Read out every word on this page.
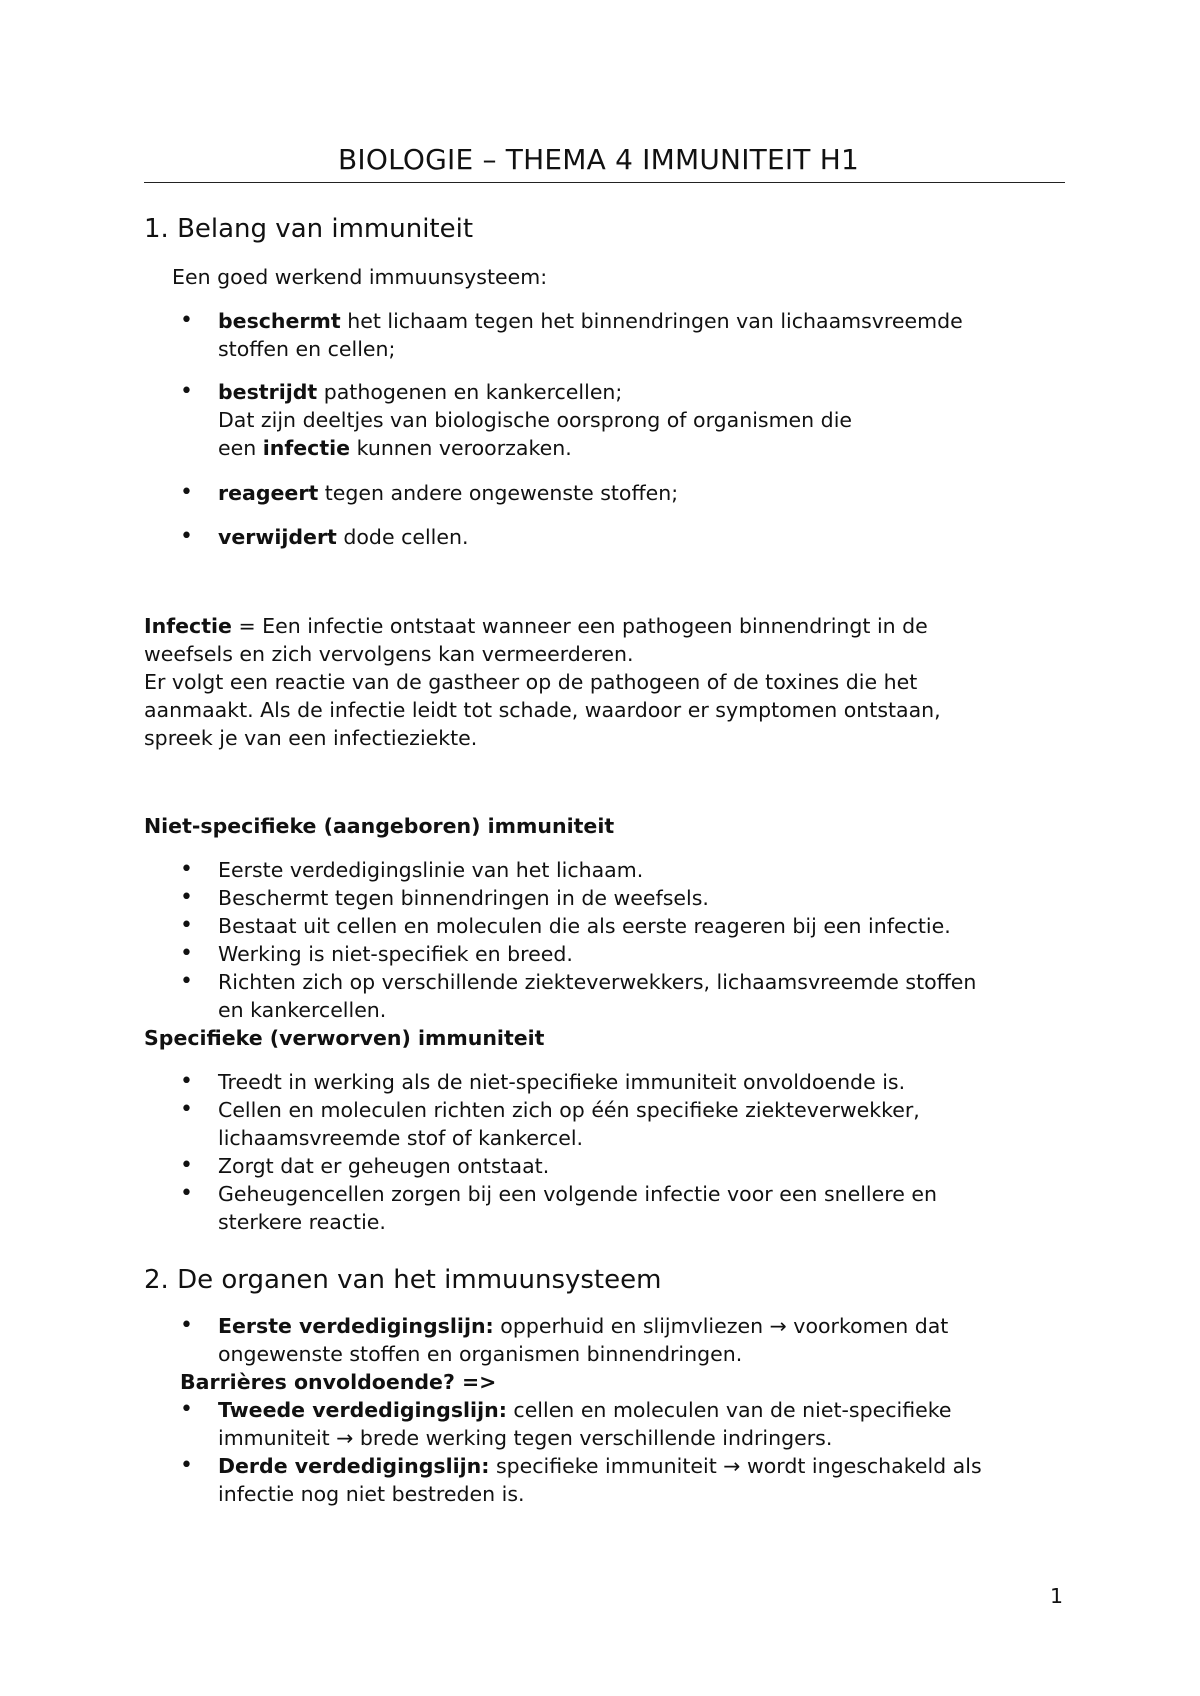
BIOLOGIE – THEMA 4 IMMUNITEIT H1
1. Belang van immuniteit
Een goed werkend immuunsysteem:
• beschermt het lichaam tegen het binnendringen van lichaamsvreemde
stoffen en cellen;
• bestrijdt pathogenen en kankercellen;
Dat zijn deeltjes van biologische oorsprong of organismen die
een infectie kunnen veroorzaken.
• reageert tegen andere ongewenste stoffen;
• verwijdert dode cellen.
Infectie = Een infectie ontstaat wanneer een pathogeen binnendringt in de
weefsels en zich vervolgens kan vermeerderen.
Er volgt een reactie van de gastheer op de pathogeen of de toxines die het
aanmaakt. Als de infectie leidt tot schade, waardoor er symptomen ontstaan,
spreek je van een infectieziekte.
Niet-specifieke (aangeboren) immuniteit
• Eerste verdedigingslinie van het lichaam.
• Beschermt tegen binnendringen in de weefsels.
• Bestaat uit cellen en moleculen die als eerste reageren bij een infectie.
• Werking is niet-specifiek en breed.
• Richten zich op verschillende ziekteverwekkers, lichaamsvreemde stoffen
en kankercellen.
Specifieke (verworven) immuniteit
• Treedt in werking als de niet-specifieke immuniteit onvoldoende is.
• Cellen en moleculen richten zich op één specifieke ziekteverwekker,
lichaamsvreemde stof of kankercel.
• Zorgt dat er geheugen ontstaat.
• Geheugencellen zorgen bij een volgende infectie voor een snellere en
sterkere reactie.
2. De organen van het immuunsysteem
• Eerste verdedigingslijn: opperhuid en slijmvliezen → voorkomen dat
ongewenste stoffen en organismen binnendringen.
Barrières onvoldoende? =>
• Tweede verdedigingslijn: cellen en moleculen van de niet-specifieke
immuniteit → brede werking tegen verschillende indringers.
• Derde verdedigingslijn: specifieke immuniteit → wordt ingeschakeld als
infectie nog niet bestreden is.
1
